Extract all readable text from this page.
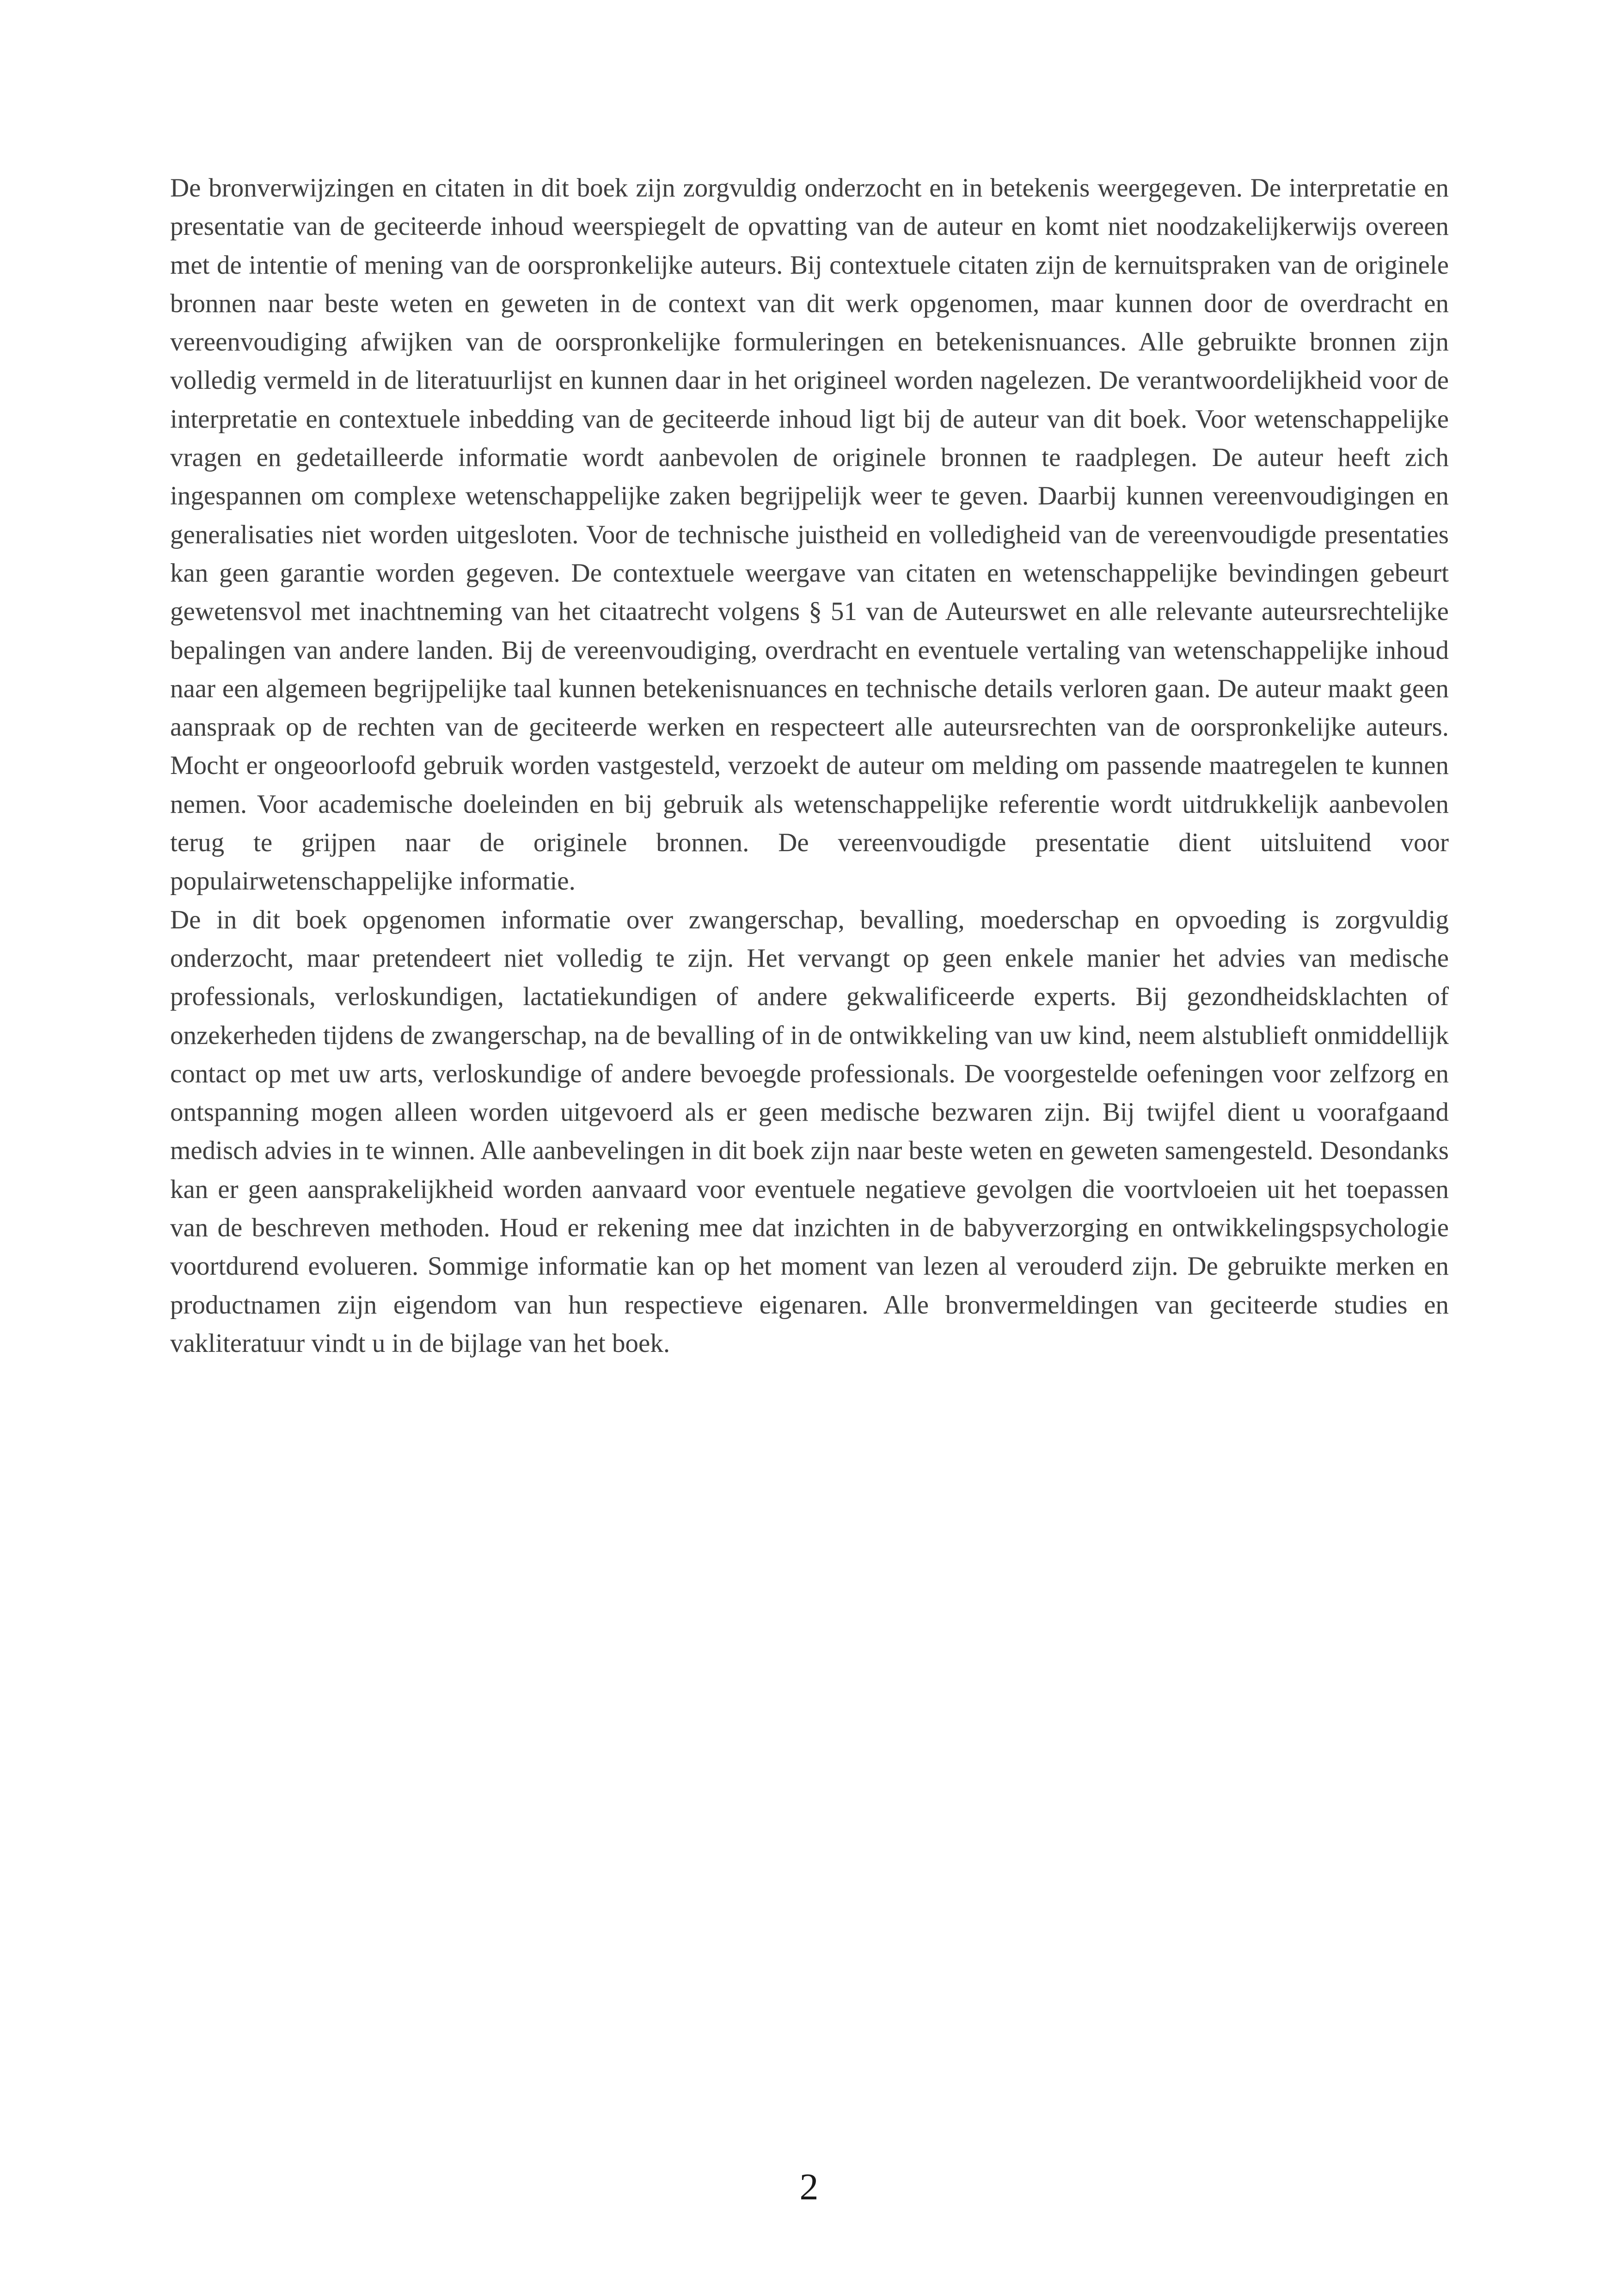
De bronverwijzingen en citaten in dit boek zijn zorgvuldig onderzocht en in betekenis weergegeven. De interpretatie en presentatie van de geciteerde inhoud weerspiegelt de opvatting van de auteur en komt niet noodzakelijkerwijs overeen met de intentie of mening van de oorspronkelijke auteurs. Bij contextuele citaten zijn de kernuitspraken van de originele bronnen naar beste weten en geweten in de context van dit werk opgenomen, maar kunnen door de overdracht en vereenvoudiging afwijken van de oorspronkelijke formuleringen en betekenisnuances. Alle gebruikte bronnen zijn volledig vermeld in de literatuurlijst en kunnen daar in het origineel worden nagelezen. De verantwoordelijkheid voor de interpretatie en contextuele inbedding van de geciteerde inhoud ligt bij de auteur van dit boek. Voor wetenschappelijke vragen en gedetailleerde informatie wordt aanbevolen de originele bronnen te raadplegen. De auteur heeft zich ingespannen om complexe wetenschappelijke zaken begrijpelijk weer te geven. Daarbij kunnen vereenvoudigingen en generalisaties niet worden uitgesloten. Voor de technische juistheid en volledigheid van de vereenvoudigde presentaties kan geen garantie worden gegeven. De contextuele weergave van citaten en wetenschappelijke bevindingen gebeurt gewetensvol met inachtneming van het citaatrecht volgens § 51 van de Auteurswet en alle relevante auteursrechtelijke bepalingen van andere landen. Bij de vereenvoudiging, overdracht en eventuele vertaling van wetenschappelijke inhoud naar een algemeen begrijpelijke taal kunnen betekenisnuances en technische details verloren gaan. De auteur maakt geen aanspraak op de rechten van de geciteerde werken en respecteert alle auteursrechten van de oorspronkelijke auteurs. Mocht er ongeoorloofd gebruik worden vastgesteld, verzoekt de auteur om melding om passende maatregelen te kunnen nemen. Voor academische doeleinden en bij gebruik als wetenschappelijke referentie wordt uitdrukkelijk aanbevolen terug te grijpen naar de originele bronnen. De vereenvoudigde presentatie dient uitsluitend voor populairwetenschappelijke informatie.

De in dit boek opgenomen informatie over zwangerschap, bevalling, moederschap en opvoeding is zorgvuldig onderzocht, maar pretendeert niet volledig te zijn. Het vervangt op geen enkele manier het advies van medische professionals, verloskundigen, lactatiekundigen of andere gekwalificeerde experts. Bij gezondheidsklachten of onzekerheden tijdens de zwangerschap, na de bevalling of in de ontwikkeling van uw kind, neem alstublieft onmiddellijk contact op met uw arts, verloskundige of andere bevoegde professionals. De voorgestelde oefeningen voor zelfzorg en ontspanning mogen alleen worden uitgevoerd als er geen medische bezwaren zijn. Bij twijfel dient u voorafgaand medisch advies in te winnen. Alle aanbevelingen in dit boek zijn naar beste weten en geweten samengesteld. Desondanks kan er geen aansprakelijkheid worden aanvaard voor eventuele negatieve gevolgen die voortvloeien uit het toepassen van de beschreven methoden. Houd er rekening mee dat inzichten in de babyverzorging en ontwikkelingspsychologie voortdurend evolueren. Sommige informatie kan op het moment van lezen al verouderd zijn. De gebruikte merken en productnamen zijn eigendom van hun respectieve eigenaren. Alle bronvermeldingen van geciteerde studies en vakliteratuur vindt u in de bijlage van het boek.

2
